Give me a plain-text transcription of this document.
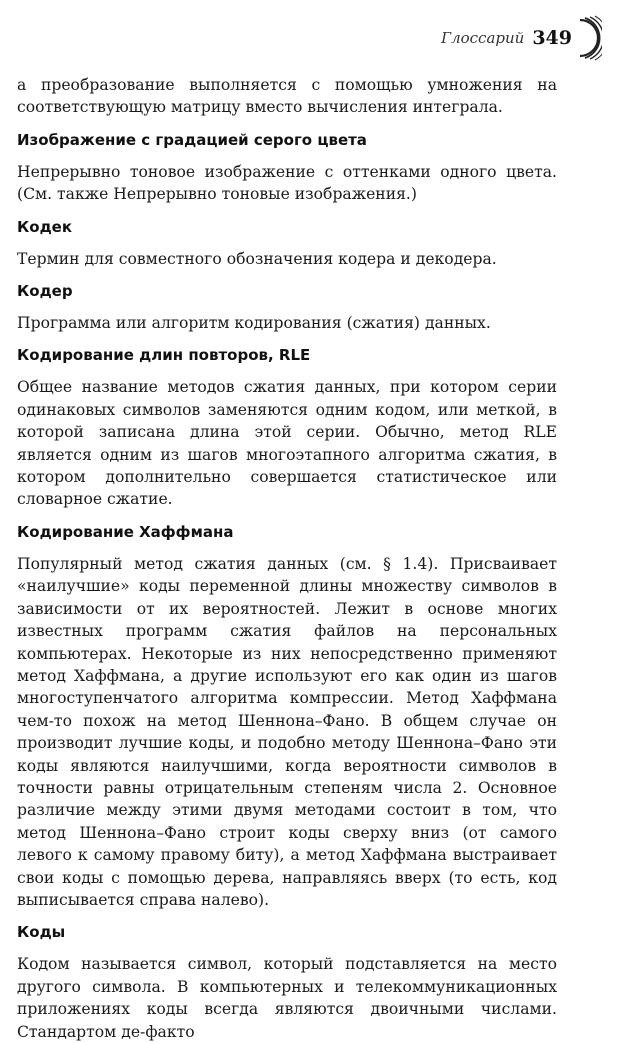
Глоссарий 349

а преобразование выполняется с помощью умножения на соответствующую матрицу вместо вычисления интеграла.

Изображение с градацией серого цвета

Непрерывно тоновое изображение с оттенками одного цвета. (См. также Непрерывно тоновые изображения.)

Кодек

Термин для совместного обозначения кодера и декодера.

Кодер

Программа или алгоритм кодирования (сжатия) данных.

Кодирование длин повторов, RLE

Общее название методов сжатия данных, при котором серии одинаковых символов заменяются одним кодом, или меткой, в которой записана длина этой серии. Обычно, метод RLE является одним из шагов многоэтапного алгоритма сжатия, в котором дополнительно совершается статистическое или словарное сжатие.

Кодирование Хаффмана

Популярный метод сжатия данных (см. § 1.4). Присваивает «наилучшие» коды переменной длины множеству символов в зависимости от их вероятностей. Лежит в основе многих известных программ сжатия файлов на персональных компьютерах. Некоторые из них непосредственно применяют метод Хаффмана, а другие используют его как один из шагов многоступенчатого алгоритма компрессии. Метод Хаффмана чем-то похож на метод Шеннона–Фано. В общем случае он производит лучшие коды, и подобно методу Шеннона–Фано эти коды являются наилучшими, когда вероятности символов в точности равны отрицательным степеням числа 2. Основное различие между этими двумя методами состоит в том, что метод Шеннона–Фано строит коды сверху вниз (от самого левого к самому правому биту), а метод Хаффмана выстраивает свои коды с помощью дерева, направляясь вверх (то есть, код выписывается справа налево).

Коды

Кодом называется символ, который подставляется на место другого символа. В компьютерных и телекоммуникационных приложениях коды всегда являются двоичными числами. Стандартом де-факто
